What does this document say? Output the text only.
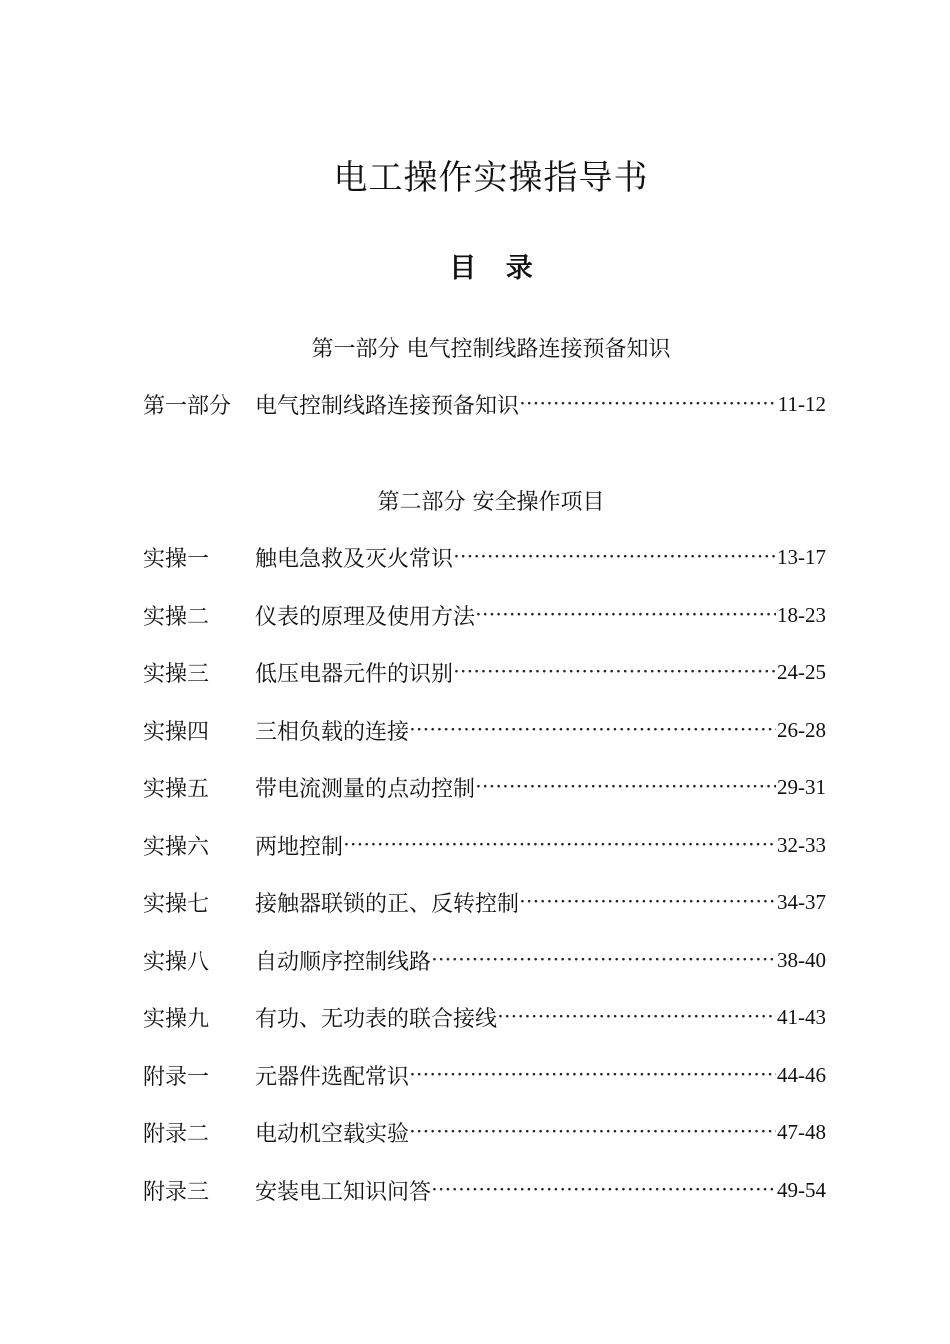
电工操作实操指导书
目 录
第一部分 电气控制线路连接预备知识
第一部分	电气控制线路连接预备知识 · · ·	11-12
第二部分 安全操作项目
实操一	触电急救及灭火常识 · · ·	13-17
实操二	仪表的原理及使用方法 · · ·	18-23
实操三	低压电器元件的识别 · · ·	24-25
实操四	三相负载的连接 · · ·	26-28
实操五	带电流测量的点动控制 · · ·	29-31
实操六	两地控制 · · ·	32-33
实操七	接触器联锁的正、反转控制 · · ·	34-37
实操八	自动顺序控制线路 · · ·	38-40
实操九	有功、无功表的联合接线 · · ·	41-43
附录一	元器件选配常识 · · ·	44-46
附录二	电动机空载实验 · · ·	47-48
附录三	安装电工知识问答 · · ·	49-54
